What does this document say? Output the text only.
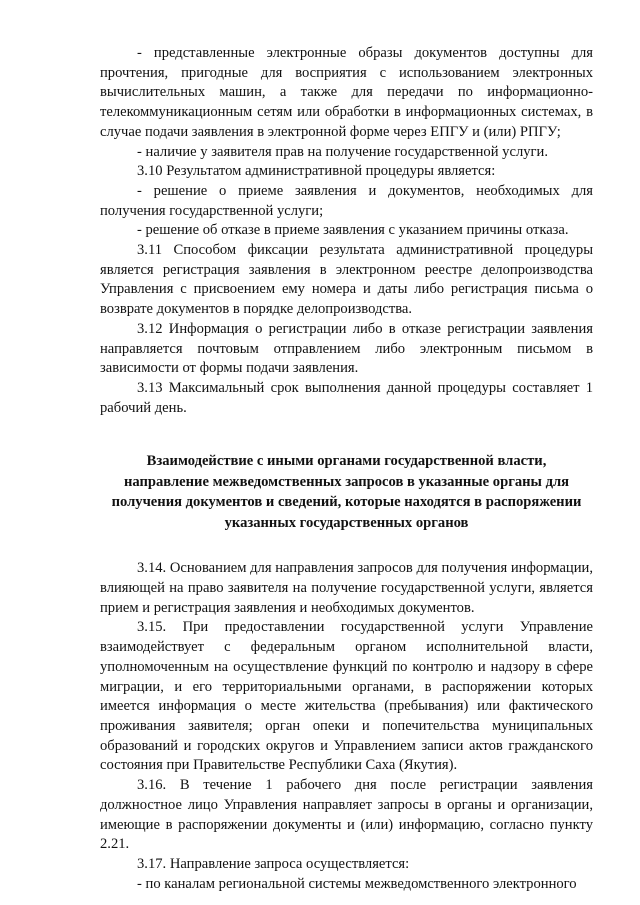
- представленные электронные образы документов доступны для прочтения, пригодные для восприятия с использованием электронных вычислительных машин, а также для передачи по информационно-телекоммуникационным сетям или обработки в информационных системах, в случае подачи заявления в электронной форме через ЕПГУ и (или) РПГУ;

- наличие у заявителя прав на получение государственной услуги.

3.10 Результатом административной процедуры является:

- решение о приеме заявления и документов, необходимых для получения государственной услуги;

- решение об отказе в приеме заявления с указанием причины отказа.

3.11 Способом фиксации результата административной процедуры является регистрация заявления в электронном реестре делопроизводства Управления с присвоением ему номера и даты либо регистрация письма о возврате документов в порядке делопроизводства.

3.12 Информация о регистрации либо в отказе регистрации заявления направляется почтовым отправлением либо электронным письмом в зависимости от формы подачи заявления.

3.13 Максимальный срок выполнения данной процедуры составляет 1 рабочий день.

Взаимодействие с иными органами государственной власти,
направление межведомственных запросов в указанные органы для
получения документов и сведений, которые находятся в распоряжении
указанных государственных органов

3.14. Основанием для направления запросов для получения информации, влияющей на право заявителя на получение государственной услуги, является прием и регистрация заявления и необходимых документов.

3.15. При предоставлении государственной услуги Управление взаимодействует с федеральным органом исполнительной власти, уполномоченным на осуществление функций по контролю и надзору в сфере миграции, и его территориальными органами, в распоряжении которых имеется информация о месте жительства (пребывания) или фактического проживания заявителя; орган опеки и попечительства муниципальных образований и городских округов и Управлением записи актов гражданского состояния при Правительстве Республики Саха (Якутия).

3.16. В течение 1 рабочего дня после регистрации заявления должностное лицо Управления направляет запросы в органы и организации, имеющие в распоряжении документы и (или) информацию, согласно пункту 2.21.

3.17. Направление запроса осуществляется:

- по каналам региональной системы межведомственного электронного
